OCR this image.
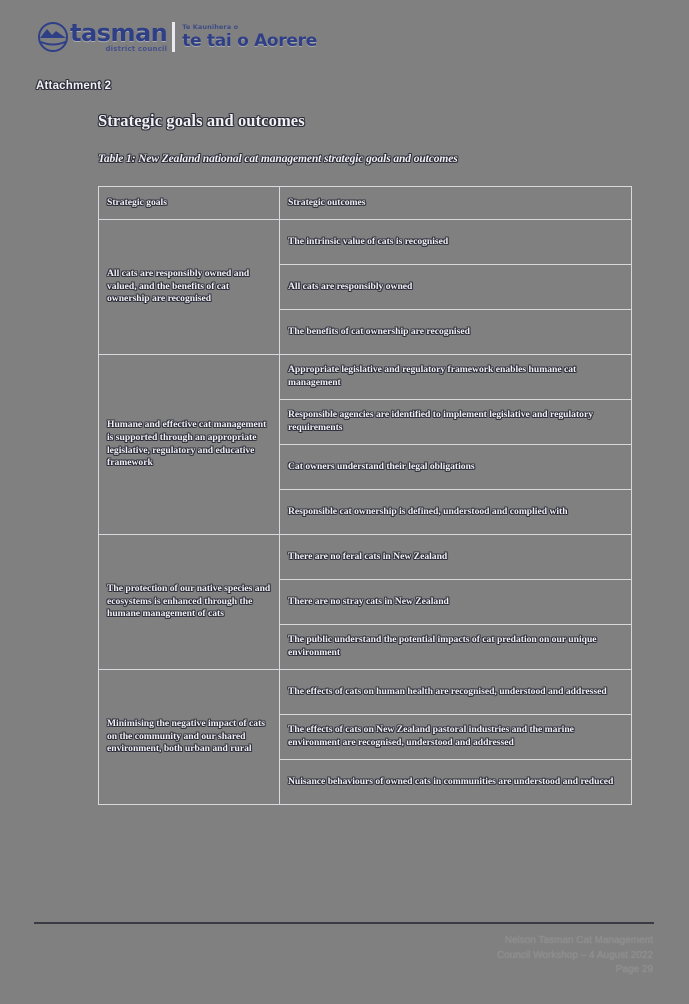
tasman
district council
Te Kaunihera o
te tai o Aorere
Attachment 2
Strategic goals and outcomes
Table 1: New Zealand national cat management strategic goals and outcomes
Strategic goals	Strategic outcomes
All cats are responsibly owned and valued, and the benefits of cat ownership are recognised	The intrinsic value of cats is recognised
	All cats are responsibly owned
	The benefits of cat ownership are recognised
Humane and effective cat management is supported through an appropriate legislative, regulatory and educative framework	Appropriate legislative and regulatory framework enables humane cat management
	Responsible agencies are identified to implement legislative and regulatory requirements
	Cat owners understand their legal obligations
	Responsible cat ownership is defined, understood and complied with
The protection of our native species and ecosystems is enhanced through the humane management of cats	There are no feral cats in New Zealand
	There are no stray cats in New Zealand
	The public understand the potential impacts of cat predation on our unique environment
Minimising the negative impact of cats on the community and our shared environment, both urban and rural	The effects of cats on human health are recognised, understood and addressed
	The effects of cats on New Zealand pastoral industries and the marine environment are recognised, understood and addressed
	Nuisance behaviours of owned cats in communities are understood and reduced
Nelson Tasman Cat Management
Council Workshop – 4 August 2022
Page 29
